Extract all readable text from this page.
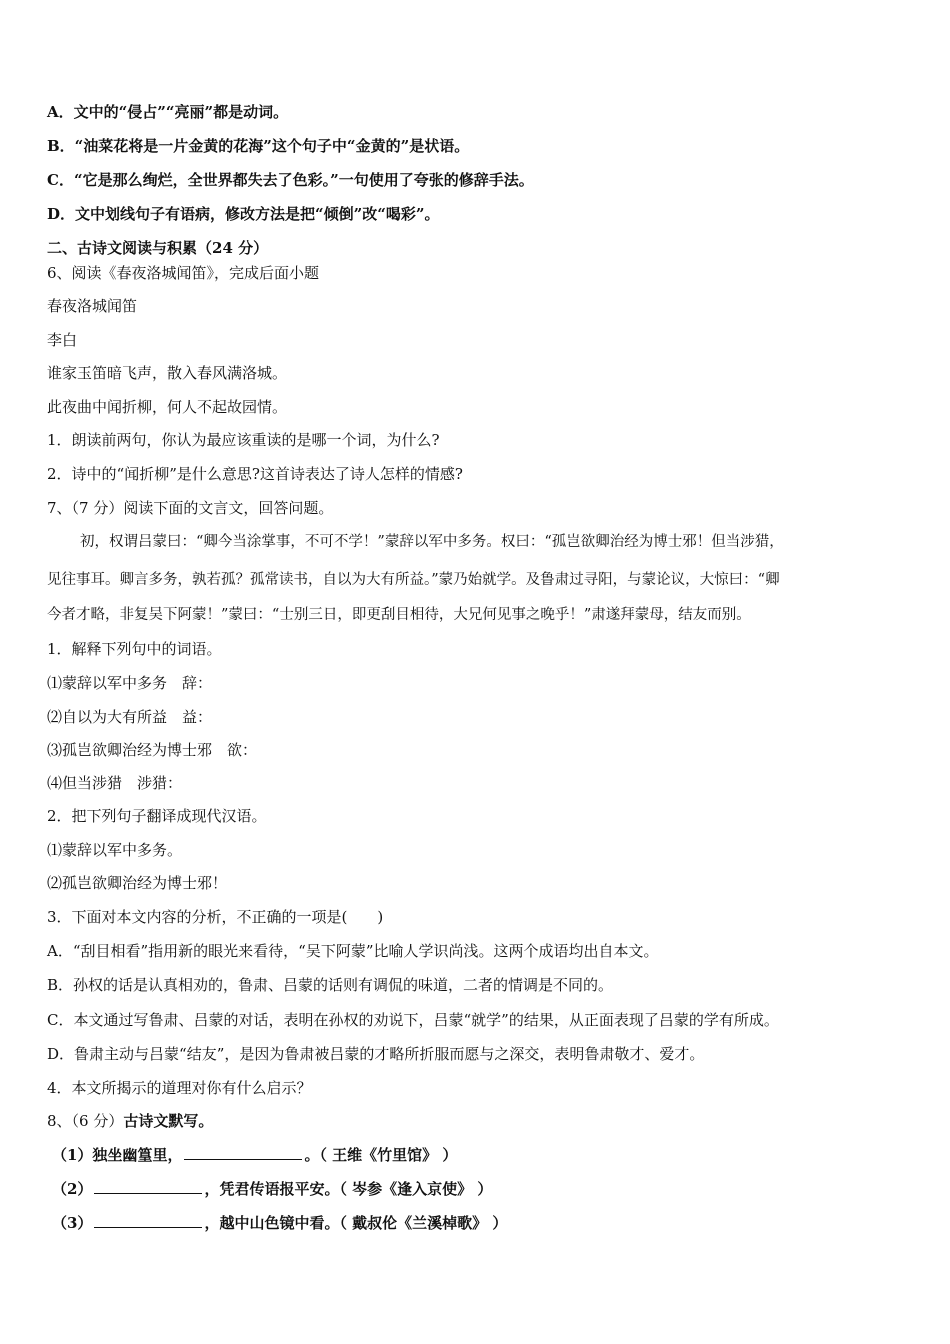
A．文中的“侵占”“亮丽”都是动词。
B．“油菜花将是一片金黄的花海”这个句子中“金黄的”是状语。
C．“它是那么绚烂，全世界都失去了色彩。”一句使用了夸张的修辞手法。
D．文中划线句子有语病，修改方法是把“倾倒”改“喝彩”。
二、古诗文阅读与积累（24 分）
6、阅读《春夜洛城闻笛》，完成后面小题
春夜洛城闻笛
李白
谁家玉笛暗飞声，散入春风满洛城。
此夜曲中闻折柳，何人不起故园情。
1．朗读前两句，你认为最应该重读的是哪一个词，为什么?
2．诗中的“闻折柳”是什么意思?这首诗表达了诗人怎样的情感?
7、（7 分）阅读下面的文言文，回答问题。
初，权谓吕蒙曰：“卿今当涂掌事，不可不学！”蒙辞以军中多务。权曰：“孤岂欲卿治经为博士邪！但当涉猎，
见往事耳。卿言多务，孰若孤？孤常读书，自以为大有所益。”蒙乃始就学。及鲁肃过寻阳，与蒙论议，大惊曰：“卿
今者才略，非复吴下阿蒙！”蒙曰：“士别三日，即更刮目相待，大兄何见事之晚乎！”肃遂拜蒙母，结友而别。
1．解释下列句中的词语。
⑴蒙辞以军中多务　辞：
⑵自以为大有所益　益：
⑶孤岂欲卿治经为博士邪　欲：
⑷但当涉猎　涉猎：
2．把下列句子翻译成现代汉语。
⑴蒙辞以军中多务。
⑵孤岂欲卿治经为博士邪！
3．下面对本文内容的分析，不正确的一项是(　　)
A．“刮目相看”指用新的眼光来看待，“吴下阿蒙”比喻人学识尚浅。这两个成语均出自本文。
B．孙权的话是认真相劝的，鲁肃、吕蒙的话则有调侃的味道，二者的情调是不同的。
C．本文通过写鲁肃、吕蒙的对话，表明在孙权的劝说下，吕蒙“就学”的结果，从正面表现了吕蒙的学有所成。
D．鲁肃主动与吕蒙“结友”，是因为鲁肃被吕蒙的才略所折服而愿与之深交，表明鲁肃敬才、爱才。
4．本文所揭示的道理对你有什么启示？
8、（6 分）古诗文默写。
（1）独坐幽篁里，	。（ 王维《竹里馆》 ）
（2）	，凭君传语报平安。（ 岑参《逢入京使》 ）
（3）	，越中山色镜中看。（ 戴叔伦《兰溪棹歌》 ）
